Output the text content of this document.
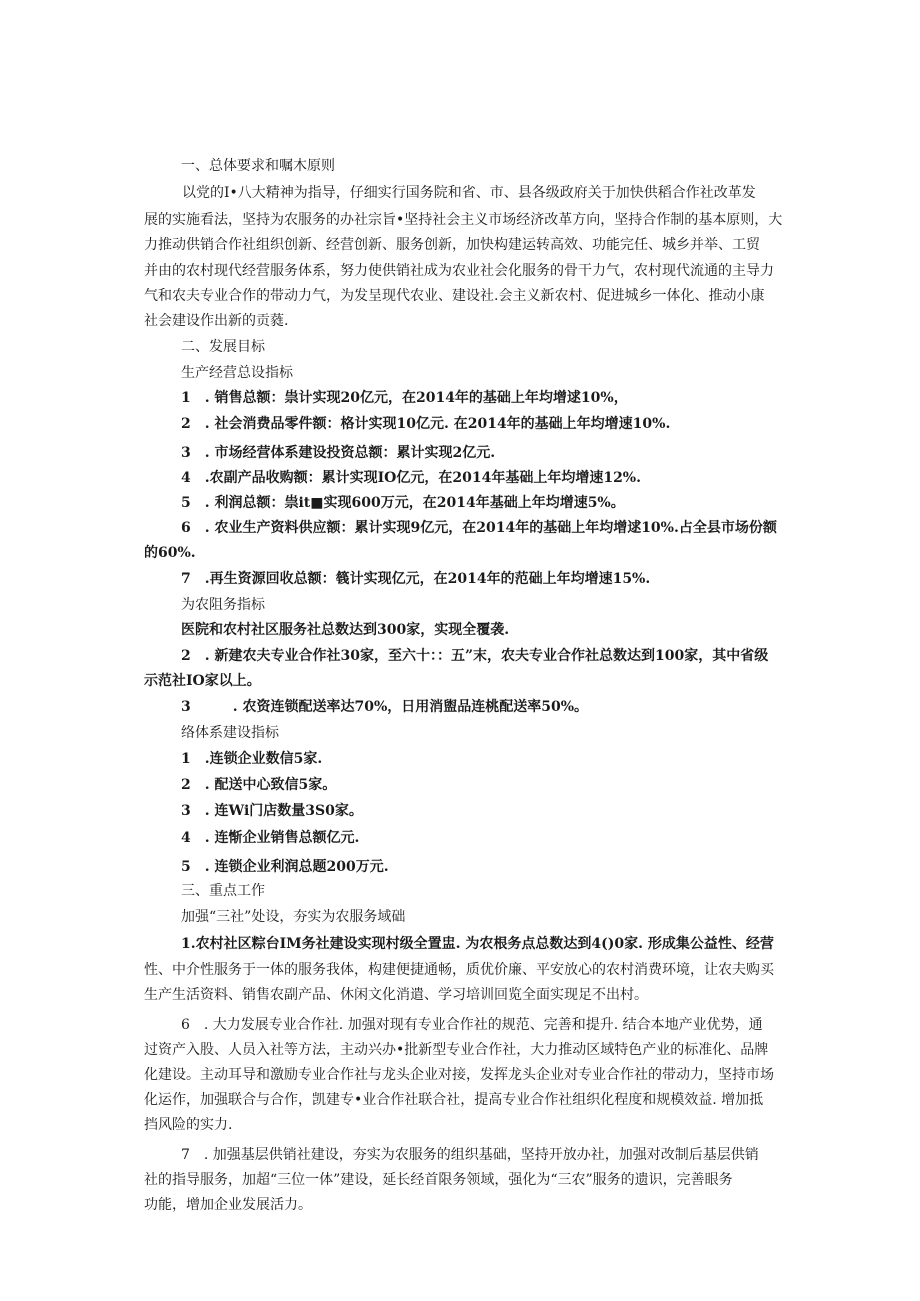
一、总体要求和嘱木原则

以党的I•八大精神为指导，仔细实行国务院和省、市、县各级政府关于加快供稻合作社改革发

展的实施看法，坚持为农服务的办社宗旨•坚持社会主义市场经济改革方向，坚持合作制的基本原则，大

力推动供销合作社组织创新、经营创新、服务创新，加快构建运转高效、功能完任、城乡并举、工贸

并由的农村现代经营服务体系，努力使供销社成为农业社会化服务的骨干力气，农村现代流通的主导力

气和农夫专业合作的带动力气，为发呈现代农业、建设社.会主义新农村、促进城乡一体化、推动小康

社会建设作出新的贡蕤.

二、发展目标

生产经营总设指标

1　. 销售总额：祟计实现20亿元，在2014年的基础上年均增逑10%，

2　. 社会消费品零件额：格计实现10亿元. 在2014年的基础上年均增速10%.

3　. 市场经营体系建设投资总额：累计实现2亿元.

4　.农副产品收购额：累计实现IO亿元，在2014年基础上年均增速12%.

5　. 利润总额：祟it■实现600万元，在2014年基础上年均增速5%。

6　. 农业生产资料供应额：累计实现9亿元，在2014年的基础上年均增逑10%.占全县市场份额

的60%.

7　.再生资源回收总额：篯计实现亿元，在2014年的范础上年均增速15%.

为农阻务指标

医院和农村社区服务社总数达到300家，实现全覆袭.

2　. 新建农夫专业合作社30家，至六十：：五”末，农夫专业合作社总数达到100家，其中省级

示范社IO家以上。

3　　　. 农资连锁配送率达70%，日用消盥品连桃配送率50%。

络体系建设指标

1　.连锁企业数信5家.

2　. 配送中心致信5家。

3　. 连Wi门店数量3S0家。

4　. 连惭企业销售总额亿元.

5　. 连锁企业利润总题200万元.

三、重点工作

加强“三社”处设，夯实为农服务域础

1.农村社区粽台IM务社建设实现村级全置盅. 为农根务点总数达到4()0家. 形成集公益性、经营

性、中介性服务于一体的服务我体，构建便捷通畅，质优价廉、平安放心的农村消费环境，让农夫购买

生产生活资料、销售农副产品、休闲文化消遣、学习培训回览全面实现足不出村。

6　. 大力发展专业合作社. 加强对现有专业合作社的规范、完善和提升. 结合本地产业优势，通

过资产入股、人员入社等方法，主动兴办•批新型专业合作社，大力推动区域特色产业的标准化、品牌

化建设。主动耳导和激励专业合作社与龙头企业对接，发挥龙头企业对专业合作社的带动力，坚持市场

化运作，加强联合与合作，凯建专•业合作社联合社，提高专业合作社组织化程度和规模效益. 增加抵

挡风险的实力.

7　. 加强基层供销社建设，夯实为农服务的组织基础，坚持开放办社，加强对改制后基层供销

社的指导服务，加超“三位一体”建设，延长经首限务领域，强化为“三农”服务的遗识，完善眼务

功能，增加企业发展活力。
